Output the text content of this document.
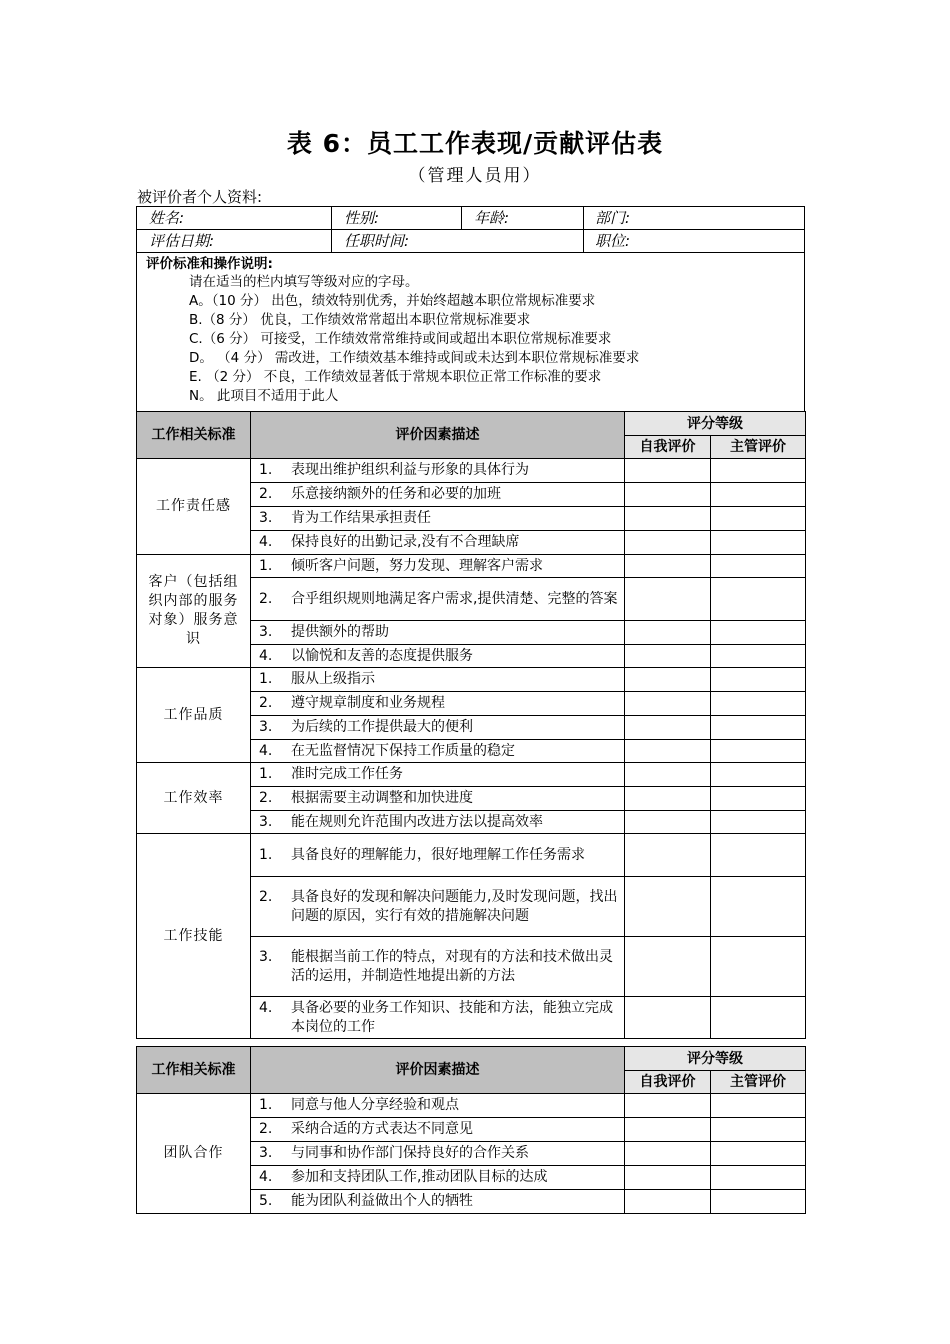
表 6：员工工作表现/贡献评估表
（管理人员用）
被评价者个人资料:
姓名:	性别:	年龄:	部门:
评估日期:	任职时间:	职位:
评价标准和操作说明:
请在适当的栏内填写等级对应的字母。
A。（10 分） 出色，绩效特别优秀，并始终超越本职位常规标准要求
B.（8 分） 优良，工作绩效常常超出本职位常规标准要求
C.（6 分） 可接受，工作绩效常常维持或间或超出本职位常规标准要求
D。 （4 分） 需改进，工作绩效基本维持或间或未达到本职位常规标准要求
E. （2 分） 不良，工作绩效显著低于常规本职位正常工作标准的要求
N。 此项目不适用于此人
工作相关标准	评价因素描述	评分等级	
		自我评价	主管评价
工作责任感	1. 表现出维护组织利益与形象的具体行为		

	2. 乐意接纳额外的任务和必要的加班		

	3. 肯为工作结果承担责任		

	4. 保持良好的出勤记录,没有不合理缺席		

客户（包括组织内部的服务对象）服务意识	1. 倾听客户问题，努力发现、理解客户需求		

	2. 合乎组织规则地满足客户需求,提供清楚、完整的答案		

	3. 提供额外的帮助		

	4. 以愉悦和友善的态度提供服务		

工作品质	1. 服从上级指示		

	2. 遵守规章制度和业务规程		

	3. 为后续的工作提供最大的便利		

	4. 在无监督情况下保持工作质量的稳定		

工作效率	1. 准时完成工作任务		

	2. 根据需要主动调整和加快进度		

	3. 能在规则允许范围内改进方法以提高效率		

工作技能	1. 具备良好的理解能力，很好地理解工作任务需求		

	2. 具备良好的发现和解决问题能力,及时发现问题，找出问题的原因，实行有效的措施解决问题		

	3. 能根据当前工作的特点，对现有的方法和技术做出灵活的运用，并制造性地提出新的方法		

	4. 具备必要的业务工作知识、技能和方法，能独立完成本岗位的工作		

工作相关标准	评价因素描述	评分等级	
		自我评价	主管评价
团队合作	1. 同意与他人分享经验和观点		

	2. 采纳合适的方式表达不同意见		

	3. 与同事和协作部门保持良好的合作关系		

	4. 参加和支持团队工作,推动团队目标的达成		

	5. 能为团队利益做出个人的牺牲		
